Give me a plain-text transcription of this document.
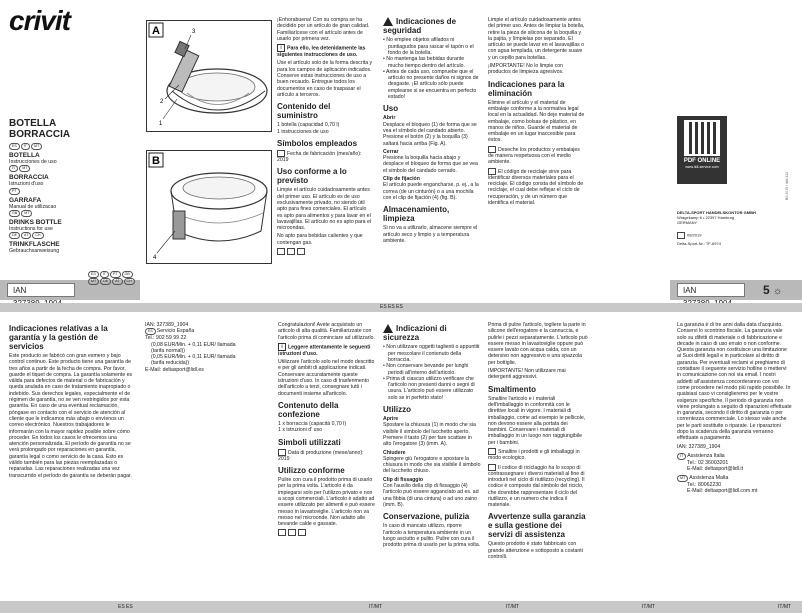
crivit
BOTELLA
BORRACCIA
ES IT MT
BOTELLA
Instrucciones de uso
IT MT
BORRACCIA
Istruzioni d'uso
PT
GARRAFA
Manual de utilizacao
GB MT
DRINKS BOTTLE
Instructions for use
DE AT CH
TRINKFLASCHE
Gebrauchsanweisung
IAN
ES IT PT GBMT DE AT CH
A	3
1
2
B
4
¡Enhorabuena! Con su compra se ha decidido por un artículo de gran calidad. Familiarícese con el artículo antes de usarlo por primera vez.
i Para ello, lea detenidamente las siguientes instrucciones de uso.
Use el artículo solo de la forma descrita y para los campos de aplicación indicados. Conserve estas instrucciones de uso a buen recaudo. Entregue todos los documentos en caso de traspasar el artículo a terceros.
Contenido del suministro
1 botella (capacidad 0,70 l)
1 instrucciones de uso
Símbolos empleados
Fecha de fabricación (mes/año): 2019
Uso conforme a lo previsto
Limpie el artículo cuidadosamente antes del primer uso. El artículo es de uso exclusivamente privado, no siendo útil apto para fines comerciales. El artículo es apto para alimentos y para lavar en el lavavajillas. El artículo no es apto para el microondas.
No apto para bebidas calientes y que contengan gas.
Indicaciones de seguridad
• No emplee objetos afilados ni puntiagudos para rascar el tapón o el fondo de la botella.
• No mantenga las bebidas durante mucho tiempo dentro del artículo.
• Antes de cada uso, compruebe que el artículo no presente daños ni signos de desgaste. ¡El artículo sólo puede emplearse si se encuentra en perfecto estado!
Uso
Abrir
Desplace el bloqueo (1) de forma que se vea el símbolo del candado abierto. Presione el botón (2) y la boquilla (3) saltará hacia arriba (Fig. A).
Cerrar
Presione la boquilla hacia abajo y desplace el bloqueo de forma que se vea el símbolo del candado cerrado.
Clip de fijación
El artículo puede engancharse, p. ej., a la correa (de un cinturón) o a una mochila con el clip de fijación (4) (fig. B).
Almacenamiento, limpieza
Si no va a utilizarlo, almacene siempre el artículo seco y limpio y a temperatura ambiente.
Limpie el artículo cuidadosamente antes del primer uso. Antes de limpiar la botella, retire la pieza de silicona de la boquilla y la pajita, y límpielas por separado. El artículo se puede lavar en el lavavajillas o con agua templada, un detergente suave y un cepillo para botellas.
¡IMPORTANTE! No lo limpie con productos de limpieza agresivos.
Indicaciones para la eliminación
Elimine el artículo y el material de embalaje conforme a la normativa legal local en la actualidad. No deje material de embalaje, como bolsas de plástico, en manos de niños. Guarde el material de embalaje en un lugar inaccesible para éstos.
Deseche los productos y embalajes de manera respetuosa con el medio ambiente.
El código de reciclaje sirve para identificar diversos materiales para el reciclaje. El código consta del símbolo de reciclaje, el cual debe reflejar el ciclo de recuperación, y de un número que identifica el material.
PDF ONLINE
www.lidl-service.com
DELTA-SPORT HANDELSKONTOR GMBH
Wragekamp 6 • 22397 Hamburg
GERMANY
09/2019
Delta-Sport-Nr.: TF-6974
BS 2019 / 4db 322
IAN	5 ☼
ES ES ES
Indicaciones relativas a la garantía y la gestión de servicios
Este producto se fabricó con gran esmero y bajo control continuo. Este producto tiene una garantía de tres años a partir de la fecha de compra. Por favor, guarde el tiquet de compra. La garantía solamente es válida para defectos de material o de fabricación y queda anulada en caso de tratamiento inapropiado o indebido. Sus derechos legales, especialmente el de régimen de garantía, no se ven restringidos por esta garantía. En caso de una eventual reclamación, póngase en contacto con el servicio de atención al cliente que le indicamos más abajo o envíenos un correo electrónico. Nuestros trabajadores le informarán con la mayor rapidez posible sobre cómo proceder. En todos los casos le ofrecemos una atención personalizada. El período de garantía no se verá prolongado por reparaciones en garantía, garantía legal o como servicio de la casa. Esto es válido también para las piezas reemplazadas o reparadas. Las reparaciones realizadas una vez transcurrido el período de garantía se deberán pagar.
IAN: 327389_1904
ES Servicio España
Tel.: 902 59 99 22
(0,08 EUR/Min. + 0,11 EUR/ llamada (tarifa normal))
(0,05 EUR/Min. + 0,11 EUR/ llamada (tarifa reducida))
E-Mail: deltasport@lidl.es
Congratulazioni! Avete acquistato un articolo di alta qualità. Familiarizzate con l'articolo prima di cominciare ad utilizzarlo.
i Leggere attentamente le seguenti istruzioni d'uso.
Utilizzare l'articolo solo nel modo descritto e per gli ambiti di applicazione indicati. Conservare accuratamente queste istruzioni d'uso. In caso di trasferimento dell'articolo a terzi, consegnare tutti i documenti insieme all'articolo.
Contenuto della confezione
1 x borraccia (capacità 0,70 l)
1 x istruzioni d' uso
Simboli utilizzati
Data di produzione (mese/anno): 2019
Utilizzo conforme
Pulire con cura il prodotto prima di usarlo per la prima volta. L'articolo è da impiegarsi solo per l'utilizzo privato e non a scopi commerciali. L'articolo è adatto ad essere utilizzato per alimenti e può essere messo in lavastoviglie. L'articolo non va messo nel microonde. Non adatto alle bevande calde e gassate.
Indicazioni di sicurezza
• Non utilizzare oggetti taglienti o appuntiti per mescolare il contenuto della borraccia.
• Non conservare bevande per lunghi periodi all'interno dell'articolo.
• Prima di ciascun utilizzo verificare che l'articolo non presenti danni o segni di usura. L'articolo può essere utilizzato solo se in perfetto stato!
Utilizzo
Aprire
Spostare la chiusura (1) in modo che sia visibile il simbolo del lucchetto aperto. Premere il tasto (2) per fare scattare in alto l'erogatore (3) (imm. A).
Chiudere
Spingere giù l'erogatore e spostare la chiusura in modo che sia visibile il simbolo del lucchetto chiuso.
Clip di fissaggio
Con l'ausilio della clip di fissaggio (4) l'articolo può essere agganciato ad es. ad una fibbia (di una cintura) o ad uno zaino (imm. B).
Conservazione, pulizia
In caso di mancato utilizzo, riporre l'articolo a temperatura ambiente in un luogo asciutto e pulito. Pulire con cura il prodotto prima di usarlo per la prima volta.
Prima di pulire l'articolo, togliere la parte in silicone dell'erogatore e la cannuccia, e pulirle i pezzi separatamente. L'articolo può essere messo in lavastoviglie oppure può essere lavato con acqua calda, con un detersivo non aggressivo e una spazzola per bottiglie.
IMPORTANTE! Non utilizzare mai detergenti aggressivi.
Smaltimento
Smaltire l'articolo e i materiali dell'imballaggio in conformità con le direttive locali in vigore. I materiali di imballaggio, come ad esempio le pellicole, non devono essere alla portata dei bambini. Conservare i materiali di imballaggio in un luogo non raggiungibile per i bambini.
Smaltire i prodotti e gli imballaggi in modo ecologico.
Il codice di riciclaggio ha lo scopo di contrassegnare i diversi materiali al fine di introdurli nel ciclo di riutilizzo (recycling). Il codice è composto dal simbolo del riciclo, che dovrebbe rappresentare il ciclo del riutilizzo, e un numero che indica il materiale.
Avvertenze sulla garanzia e sulla gestione dei servizi di assistenza
Questo prodotto è stato fabbricato con grande attenzione e sottoposto a costanti controlli.
La garanzia è di tre anni dalla data d'acquisto. Conservi lo scontrino fiscale. La garanzia vale solo su difetti di materiale o di fabbricazione e decade in caso di uso errato o non conforme. Questa garanzia non costituisce una limitazione ai Suoi diritti legali e in particolare al diritto di garanzia. Per eventuali reclami vi preghiamo di contattare il seguente servizio hotline o mettervi in comunicazione con noi via email. I nostri addetti all'assistenza concorderanno con voi come procedere nel modo più rapido possibile. In qualsiasi caso vi consiglieremo per le vostre esigenze specifiche. Il periodo di garanzia non viene prolungato a seguito di riparazioni effettuate in garanzia, secondo il diritto di garanzia o per correntezza commerciale. Lo stesso vale anche per le parti sostituite o riparate. Le riparazioni dopo la scadenza della garanzia verranno effettuate a pagamento.
IAN: 327389_1904
IT Assistenza Italia
Tel.: 02 36003201
E-Mail: deltasport@lidl.it
MT Assistenza Malta
Tel.: 80062230
E-Mail: deltasport@lidl.com.mt
ES ES	IT/MT	IT/MT	IT/MT	IT/MT
